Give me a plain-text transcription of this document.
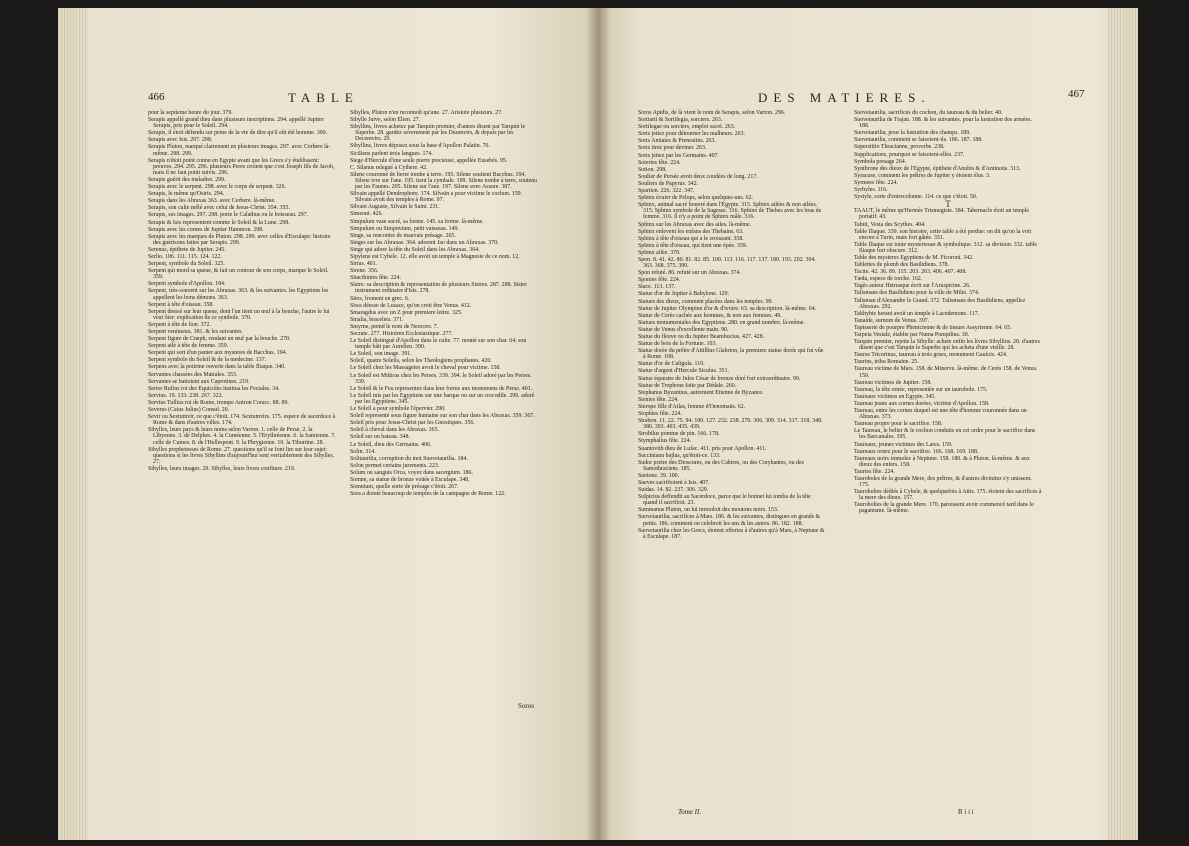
466	TABLE

pour la septieme heure du jour. 379.

Serapis appellé grand dieu dans plusieurs inscriptions. 294. appellé Jupiter Serapis, pris pour le Soleil. 294.

Serapis, il étoit défendu sur peine de la vie de dire qu'il eût été homme. 300.

Serapis avec Isis. 297. 298.

Serapis Pluton, marqué clairement en plusieurs images. 297. avec Cerbere là-même. 298. 299.

Serapis n'étoit point connu en Egypte avant que les Grecs s'y établissent: preuves. 294. 295. 296. plusieurs Peres croient que c'est Joseph fils de Jacob, mais il ne faut point suivis. 296.

Serapis guérit des maladies. 299.

Serapis avec le serpent. 298. avec le corps de serpent. 326.

Serapis, le même qu'Osiris. 294.

Serapis dans les Abraxas 363. avec Cerbere. là-même.

Serapis, son culte mêlé avec celui de Jesus-Christ. 354. 355.

Serapis, ses images. 297. 298. porte le Calathus ou le boisseau. 297.

Serapis & Isis representent comme le Soleil & la Lune. 298.

Serapis avec les cornes de Jupiter Hammon. 298.

Serapis avec les marques de Pluton. 298. 299. avec celles d'Esculape: histoire des guérisons faites par Serapis. 299.

Serenus, épithete de Jupiter. 245.

Serlio. 106. 111. 115. 124. 122.

Serpent, symbole du Soleil. 325.

Serpent qui mord sa queue, & fait un contour de son corps, marque le Soleil. 359.

Serpent symbole d'Apollon. 184.

Serpent, très-souvent sur les Abraxas. 363. & les suivantes. les Egyptiens les appellent les bons démons. 363.

Serpent à tête d'oiseau. 358.

Serpent dressé sur leur queue, dont l'un tient un œuf à la bouche, l'autre le lui veut ôter: explication de ce symbole. 370.

Serpent à tête de lion. 372.

Serpent venimeux. 381. & les suivantes.

Serpent figure de Cneph, rendant un œuf par la bouche. 270.

Serpent ailé à tête de femme. 359.

Serpent qui sort d'un panier aux mysteres de Bacchus. 194.

Serpent symbole du Soleil & de la medecine. 137.

Serpens avec la poitrine ouverte dans la table Iliaque. 340.

Servantes chassées des Matrales. 353.

Servantes se battoient aux Caprotines. 219.

Sertor Rufius roi des Equicoles institua les Feciales. 34.

Servius. 19. 133. 238. 267. 322.

Servius Tullius roi de Rome, trompe Antron Coracc. 88. 89.

Severus (Caius Julius) Consul. 20.

Sevir ou Sextumvir, ce que c'étoit. 174. Sextumvirs. 175. espece de sacerdoce à Rome & dans d'autres villes. 174.

Sibylles, leurs pays & leurs noms selon Varron. 1. celle de Perse. 2. la Libyenne. 3. de Delphes. 4. la Cuméenne. 5. l'Erythréenne. 6. la Samienne. 7. celle de Cumes. 8. de l'Hellespont. 9. la Phrygienne. 10. la Tiburtine. 28.

Sibylles prophetesses de Rome. 27. questions qu'il se font lire sur leur sujet: questions si les livres Sibyllins d'aujourd'hui sont veritablement des Sibylles. 27.

Sibylles, leurs images. 29. Sibylles, leurs livres confiture. 219.

Sibylles, Pluton n'en reconnoît qu'une. 27. Aristote plusieurs. 27.

Sibylle Juive, selon Elien. 27.

Sibyllins, livres achetez par Tarquin premier, d'autres disent par Tarquin le Superbe. 28. gardez severement par les Duumvirs, & depuis par les Decemvirs. 29.

Sibyllins, livres déposez sous la base d'Apollon Palatin. 76.

Siciliens parlent trois langues. 174.

Siege d'Hercule d'une seule pierre precieuse, appellée Eusebés. 95.

C. Silanus relegué à Cythere. 42.

Silene couronné de lierre tombe à terre. 195. Silene soutient Bacchus. 194. Silene ivre sur l'ane. 195. tient la cymbale. 199. Silene tombe à terre, soutenu par les Faunes. 205. Silene sur l'ane. 197. Silene avec Assure. 387.

Silvain appellé Dendrophore. 174. Silvain a pour victime le cochon. 159. Silvain avoit des temples à Rome. 97.

Silvain Auguste, Silvain le Saint. 231.

Simeoni. 426.

Simpulum vase sacré, sa forme. 145. sa forme. là-même.

Simpulum ou Simpuvium, petit vaisseau. 149.

Singe, sa rencontre de mauvais présage. 265.

Singes sur les Abraxas. 364. adorent Jao dans un Abraxas. 370.

Singe qui adore la tête du Soleil dans les Abraxas. 364.

Sipylene est Cybele. 12. elle avoit un temple à Magnesie de ce nom. 12.

Sirius. 401.

Sirene. 356.

Sitacthinies fête. 224.

Sistre: sa description & representation de plusieurs Sistres. 287. 288. Sistre instrument ordinaire d'Isis. 278.

Sitos, froment en grec. 6.

Siwa déesse de Lusace, qu'on croit être Venus. 412.

Smaragdus avec un Z pour premiere lettre. 325.

Smalia, bracelets. 371.

Smyrne, prend le nom de Neocore. 7.

Socrate. 277. Histoiren Ecclesiastique. 277.

Le Soleil distingué d'Apollon dans le culte. 77. monté sur son char. 64. son temple bâti par Aurelien. 390.

Le Soleil, son image. 391.

Soleil, quatre Soleils, selon les Theologiens prophanes. 420.

Le Soleil chez les Massagetes avoit le cheval pour victime. 158.

Le Soleil est Mithras chez les Perses. 339. 394. le Soleil adoré par les Perses. 339.

Le Soleil & le Feu representez dans leur forme aux monumens de Perse. 401.

Le Soleil mis par les Egyptiens sur une barque ou sur un crocodile. 290. adoré par les Egyptiens. 345.

Le Soleil a pour symbole l'épervier. 290.

Soleil representé sous figure humaine sur son char dans les Abraxas. 359. 367.

Soleil pris pour Jesus-Christ par les Gnostiques. 356.

Soleil à cheval dans les Abraxas. 365.

Soleil sur un bateau. 348.

Le Soleil, dieu des Germains. 406.

Solin. 314.

Solitaurilia, corruption du mot Suovetaurilia. 184.

Solon permet certains jurements. 223.

Solum ou sanguis Orca, voyez dans sacergium. 186.

Somne, sa statue de bronze voüée à Esculape. 348.

Somnium, quelle sorte de présage c'étoit. 267.

Sora a donné beaucoup de temples de la campagne de Rome. 122.

Soros
DES MATIERES.	467

Soros Apidis, de là vient le nom de Serapis, selon Varron. 296.

Sortiarii & Sortilegia, sorciers. 263.

Sortilegae ou sorciers, emploi sacré. 263.

Sorts jettez pour détourner les malheurs. 263.

Sorts Antiates & Prenestins. 263.

Sorts tirez pour deviner. 263.

Sorts jettez par les Germains. 407.

Soteries fête. 224.

Sotion. 298.

Soulier de Persée avoit deux coudées de long. 217.

Souliers de Papyrus. 342.

Spartien. 226. 322. 347.

Sphinx écuier de Pelops, selon quelques-uns. 62.

Sphinx, animal sacré honoré dans l'Egypte. 315. Sphinx ailées & non ailées. 315. Sphinx symbole de la Sagesse. 316. Sphinx de Thebes avec les bras de femme. 316. il n'y a point de Sphinx mâle. 316.

Sphinx sur les Abraxas avec des ailes. là-même.

Sphinx enlevent les enfans des Thebains. 63.

Sphinx à tête d'oiseau qui a le croissant. 358.

Sphinx à tête d'oiseau, qui tient une épée. 359.

Sphinx ailée. 370.

Spon. 8. 41. 42. 80. 81. 82. 85. 100. 113. 116. 117. 137. 180. 193. 202. 304. 363. 368. 375. 390.

Spon refuté. 86. refuté sur un Abraxas. 374.

Sponies fête. 224.

Stace. 113. 137.

Statue d'or de Jupiter à Babylone. 129.

Statues des dieux, comment placées dans les temples. 99.

Statue de Jupiter Olympien d'or & d'ivoire. 63. sa description. là-même. 64.

Statue de Cerès cachée aux hommes, & non aux femmes. 49.

Statues monumentales des Egyptiens. 280. en grand nombre. là-même.

Statue de Venus d'excellente main. 90.

Statue du fleuve ou du Jupiter Beambocius. 427. 428.

Statue de bois de la Fortune. 103.

Statue dorée du prêtre d'Attillius Glabrion, la premiere statue dorée qui fut vûe à Rome. 108.

Statue d'or de Caligula. 110.

Statue d'argent d'Hercule Siculus. 351.

Statue équestre de Jules César de bronze doré fort extraordinaire. 90.

Statue de Trophone faite par Dédale. 260.

Stephanus Byzantius, autrement Etienne de Byzance.

Stenies fête. 224.

Sterope fille d'Atlas, femme d'Oenomaüs. 62.

Stophies fête. 224.

Strabon. 11. 22. 75. 94. 100. 127. 232. 238. 270. 306. 309. 314. 317. 318. 348. 380. 393. 403. 435. 439.

Strobilus pomme de pin. 166. 178.

Stymphalius fête. 224.

Suantovith dieu de Lufac. 411. pris pour Apollon. 411.

Succinianu bajlus, qu'étoit-ce. 133.

Sudor pretre des Dioscures, ou des Cabires, ou des Corybantes, ou des Samothraciens. 185.

Suetone. 39. 100.

Sueves sacrifioient à Isis. 407.

Suidas. 14. 82. 237. 306. 329.

Sulpicius deffendit au Sacerdoce, parce que le bonnet lui tomba de la tête quand il sacrifioit. 23.

Summanus Pluton, on lui immoloit des moutons noirs. 153.

Suovetaurilia, sacrifices à Mars. 186. & les suivantes, distingues en grands & petits. 186. comment on celebroit les uns & les autres. 86. 182. 188.

Suovetaurilia chez les Grecs, étoient offertes à d'autres qu'à Mars, à Neptune & à Esculape. 187.

Suovetaurilia, sacrifices du cochon, du taureau & du belier. 40.

Suovetaurilia de Trajan. 188. & les suivantes. pour la lustration des armées. 188.

Suovetaurilia, pour la lustration des champs. 189.

Suovetaurilia, comment se faisoient-ils. 186. 187. 188.

Superstitio Thracianne, proverbe. 238.

Supplications, pourquoi se faisoient-elles. 237.

Symbola presage 264.

Synthrone des dieux de l'Egypte, épithete d'Anubis & d'Antinoüs. 313.

Syracuse, comment les prêtres de Jupiter y étoient élus. 3.

Syrmees fête. 224.

Syrhyles. 116.

Systyle, sorte d'entrecolonne. 114. ce que c'étoit. 50.

T

TAAUT, le même qu'Hermès Trismegiste. 384. Tabernacle étoit un temple portatif. 43.

Tabiti, Vesta des Scythes. 404.

Table Iliaque. 339. son histoire, cette table a été perdue: on dit qu'on la voit encore à Turin, mais fort gâtée. 351.

Table Iliaque est toute mysterieuse & symbolique. 312. sa division. 332. table Iliaque fort obscure. 312.

Table des mysteres Egyptiens de M. Ficoroni. 342.

Tablettes de plomb des Basilidiens. 378.

Tacite. 42. 36. 89. 115. 203. 263. 406. 407. 408.

Tæda, espece de torche. 162.

Tagès auteur Hetrusque écrit sur l'Aruspicine. 26.

Talismans des Basilidiens pour la ville de Milet. 374.

Talisman d'Alexandre le Grand. 372. Talismans des Basilidiens, appellez Abraxas. 292.

Talthybie heraut avoit un temple à Lacedemone. 117.

Tanaide, surnom de Venus. 397.

Tapisserie de pourpre Phenicienne & de tissure Assyrienne. 64. 65.

Tarpeia Vestale, établie par Numa Pompilius. 30.

Tarquin premier, rejette la Sibylle: achete enfin les livres Sibyllins. 28. d'autres disent que c'est Tarquin le Superbe qui les acheta d'une vieille. 28.

Taurus Tricorinus, taureau à trois grues, monument Gaulois. 424.

Taurins, tribu Romaine. 25.

Taureau victime de Mars. 158. de Minerve. là-même. de Cerès 158. de Venus. 159.

Taureau victimes de Jupiter. 158.

Taureau, la tête ornée, representée sur un taurobole. 175.

Taureaux victimes en Egypte. 345.

Taureau jeune aux cornes dorées, victime d'Apollon. 158.

Taureau, entre les cornes duquel est une tête d'homme couronnée dans un Abraxas. 373.

Taureau propre pour le sacrifice. 158.

Le Taureau, le belier & le cochon conduits en cet ordre pour le sacrifice dans les Baccanales. 195.

Taureaux, jeunes victimes des Lares. 159.

Taureaux ornez pour le sacrifice. 166. 168. 169. 188.

Taureaux noirs immolez à Neptune. 158. 180. & à Pluton. là-même. & aux dieux des enfers. 158.

Tauries fête. 224.

Tauroboles de la grande Mere, des prêtres, & d'autres divinitez s'y unissent. 175.

Taurobolies dédiés à Cybele, & quelquefois à Attis. 175. étoient des sacrifices à la mere des dieux. 157.

Taurobolies de la grande Mere. 170. paroissent avoir commencé tard dans le paganisme. là-même.

Tome II.	R i i i
